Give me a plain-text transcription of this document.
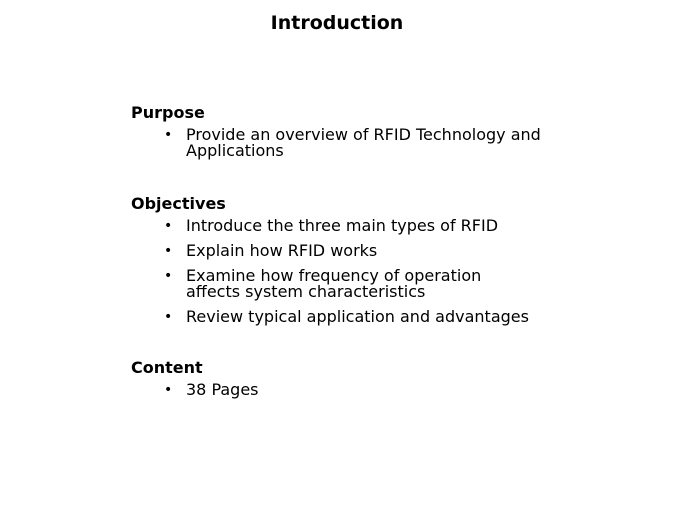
Introduction
Purpose
• Provide an overview of RFID Technology and Applications
Objectives
• Introduce the three main types of RFID
• Explain how RFID works
• Examine how frequency of operation affects system characteristics
• Review typical application and advantages
Content
• 38 Pages
